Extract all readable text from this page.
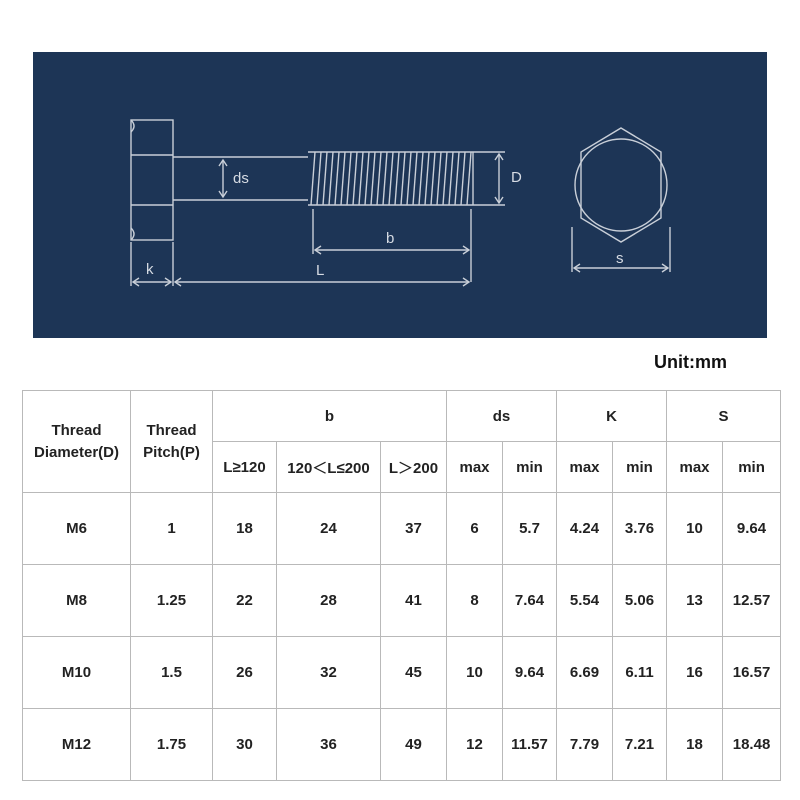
ds	D
b
k	L
s
Unit:mm
Thread
Diameter(D)	Thread
Pitch(P)	b			ds		K		S	
		L≥120	120＜L≤200	L＞200	max	min	max	min	max	min
M6	1	18	24	37	6	5.7	4.24	3.76	10	9.64
M8	1.25	22	28	41	8	7.64	5.54	5.06	13	12.57
M10	1.5	26	32	45	10	9.64	6.69	6.11	16	16.57
M12	1.75	30	36	49	12	11.57	7.79	7.21	18	18.48
